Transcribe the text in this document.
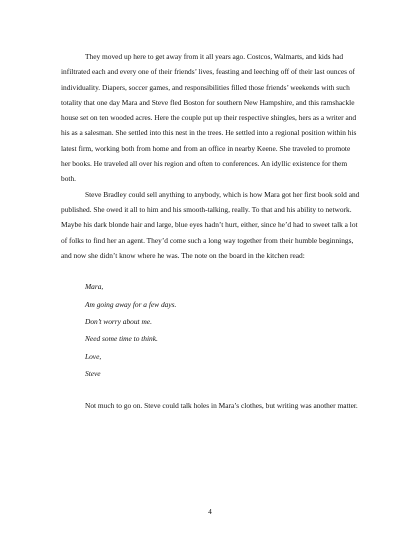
They moved up here to get away from it all years ago. Costcos, Walmarts, and kids had infiltrated each and every one of their friends’ lives, feasting and leeching off of their last ounces of individuality. Diapers, soccer games, and responsibilities filled those friends’ weekends with such totality that one day Mara and Steve fled Boston for southern New Hampshire, and this ramshackle house set on ten wooded acres. Here the couple put up their respective shingles, hers as a writer and his as a salesman. She settled into this nest in the trees. He settled into a regional position within his latest firm, working both from home and from an office in nearby Keene. She traveled to promote her books. He traveled all over his region and often to conferences. An idyllic existence for them both.

Steve Bradley could sell anything to anybody, which is how Mara got her first book sold and published. She owed it all to him and his smooth-talking, really. To that and his ability to network. Maybe his dark blonde hair and large, blue eyes hadn’t hurt, either, since he’d had to sweet talk a lot of folks to find her an agent. They’d come such a long way together from their humble beginnings, and now she didn’t know where he was. The note on the board in the kitchen read:

Mara,

Am going away for a few days.

Don’t worry about me.

Need some time to think.

Love,

Steve

Not much to go on. Steve could talk holes in Mara’s clothes, but writing was another matter.

4
